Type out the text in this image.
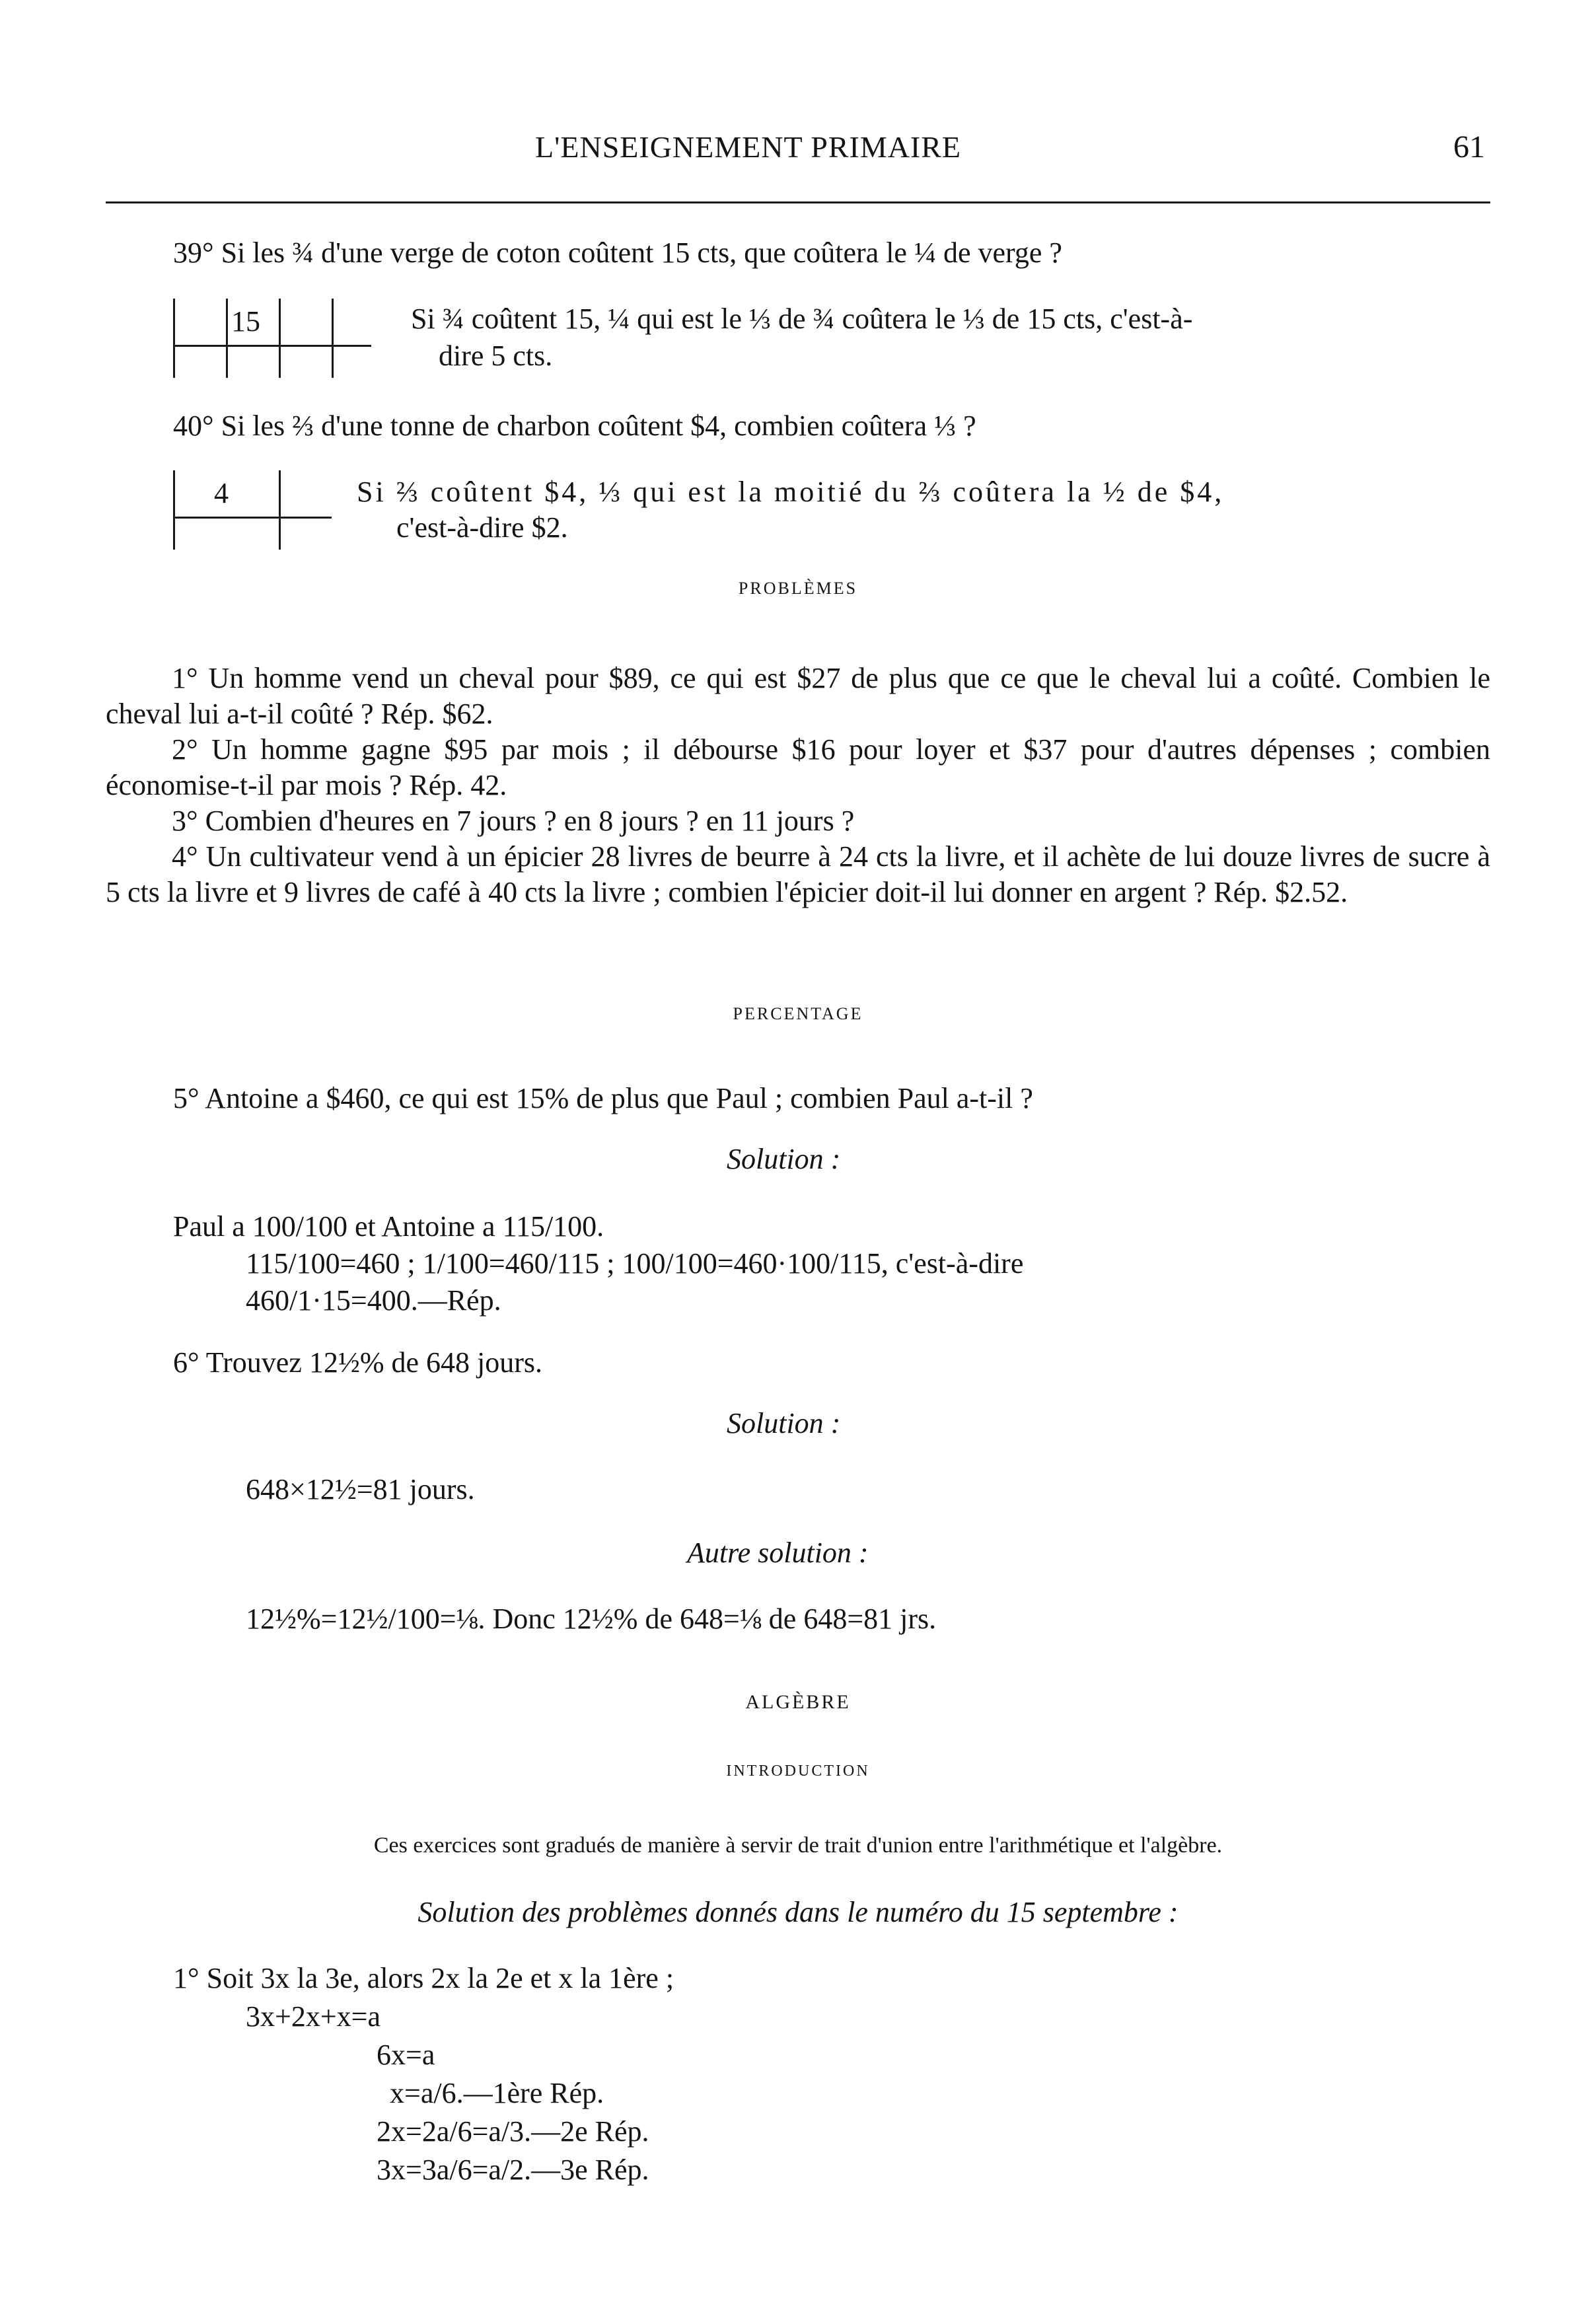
L'ENSEIGNEMENT PRIMAIRE	61
39° Si les ¾ d'une verge de coton coûtent 15 cts, que coûtera le ¼ de verge ?
15	Si ¾ coûtent 15, ¼ qui est le ⅓ de ¾ coûtera le ⅓ de 15 cts, c'est-à-
dire 5 cts.
40° Si les ⅔ d'une tonne de charbon coûtent $4, combien coûtera ⅓ ?
4	Si ⅔ coûtent $4, ⅓ qui est la moitié du ⅔ coûtera la ½ de $4,
c'est-à-dire $2.
PROBLÈMES

1° Un homme vend un cheval pour $89, ce qui est $27 de plus que ce que le cheval lui a coûté. Combien le cheval lui a-t-il coûté ? Rép. $62.

2° Un homme gagne $95 par mois ; il débourse $16 pour loyer et $37 pour d'autres dépenses ; combien économise-t-il par mois ? Rép. 42.

3° Combien d'heures en 7 jours ? en 8 jours ? en 11 jours ?

4° Un cultivateur vend à un épicier 28 livres de beurre à 24 cts la livre, et il achète de lui douze livres de sucre à 5 cts la livre et 9 livres de café à 40 cts la livre ; combien l'épicier doit-il lui donner en argent ? Rép. $2.52.

PERCENTAGE
5° Antoine a $460, ce qui est 15% de plus que Paul ; combien Paul a-t-il ?
Solution :
Paul a 100/100 et Antoine a 115/100.
115/100=460 ; 1/100=460/115 ; 100/100=460·100/115, c'est-à-dire
460/1·15=400.—Rép.
6° Trouvez 12½% de 648 jours.
Solution :
648×12½=81 jours.
Autre solution :
12½%=12½/100=⅛. Donc 12½% de 648=⅛ de 648=81 jrs.
ALGÈBRE
INTRODUCTION
Ces exercices sont gradués de manière à servir de trait d'union entre l'arithmétique et l'algèbre.
Solution des problèmes donnés dans le numéro du 15 septembre :
1° Soit 3x la 3e, alors 2x la 2e et x la 1ère ;
3x+2x+x=a
6x=a
x=a/6.—1ère Rép.
2x=2a/6=a/3.—2e Rép.
3x=3a/6=a/2.—3e Rép.
